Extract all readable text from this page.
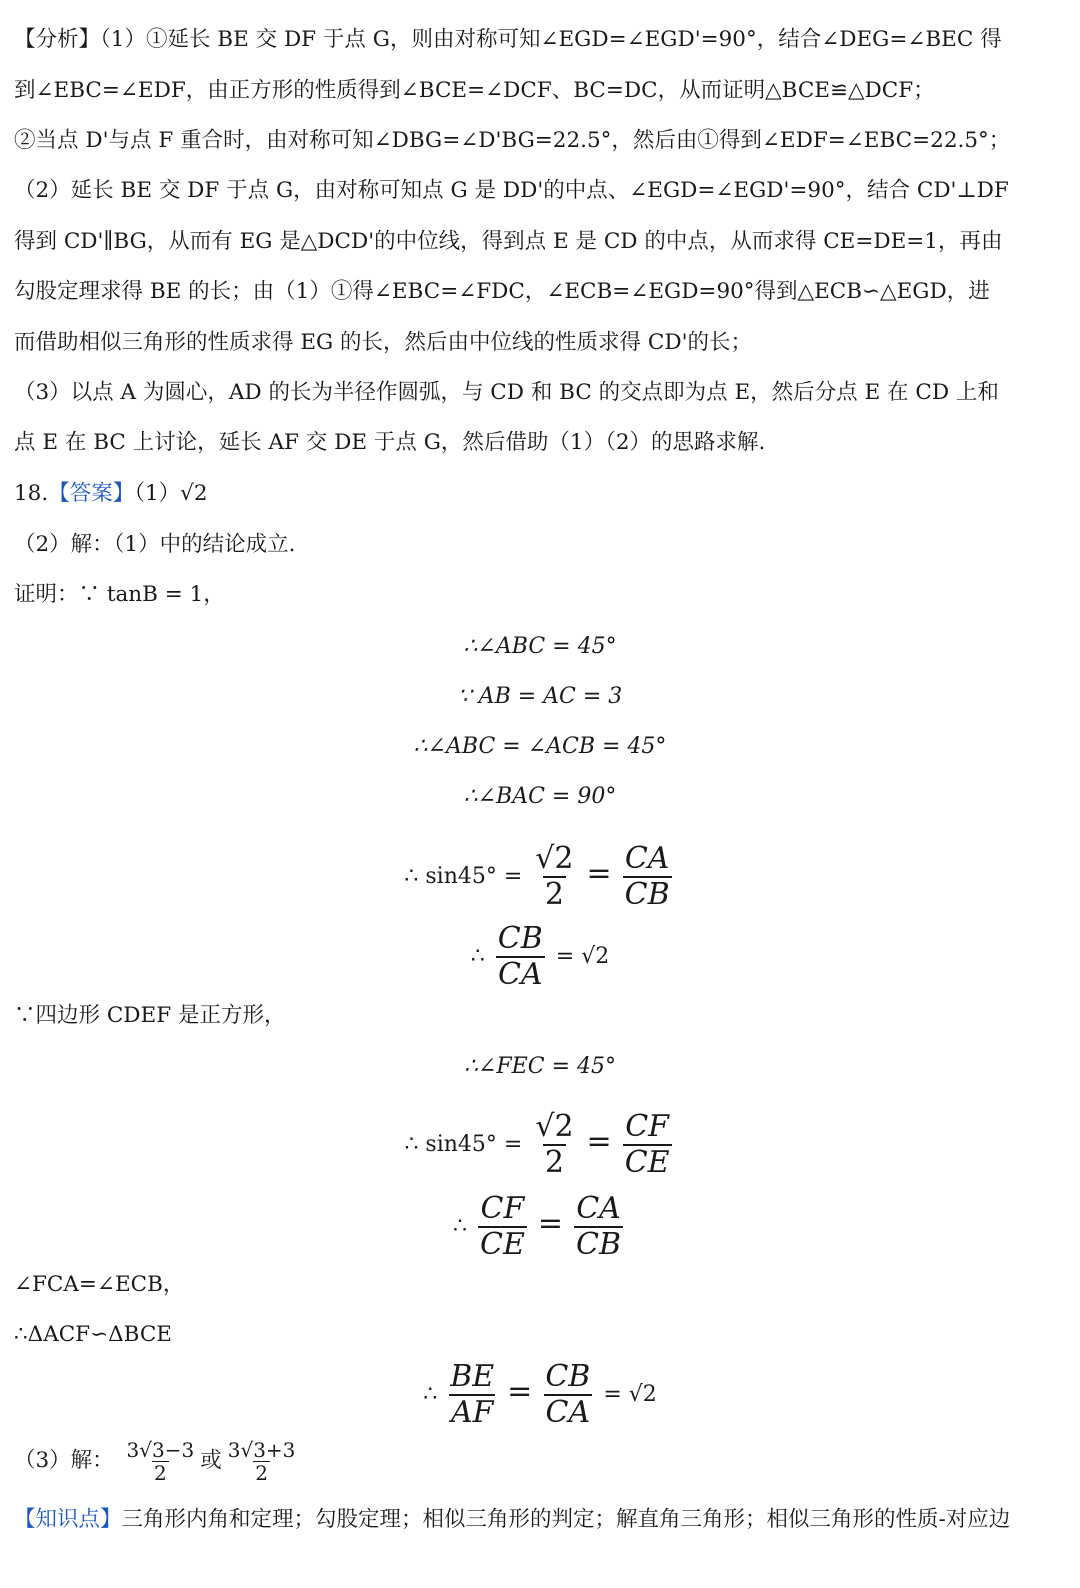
【分析】（1）①延长 BE 交 DF 于点 G，则由对称可知∠EGD=∠EGD'=90°，结合∠DEG=∠BEC 得
到∠EBC=∠EDF，由正方形的性质得到∠BCE=∠DCF、BC=DC，从而证明△BCE≌△DCF；
②当点 D'与点 F 重合时，由对称可知∠DBG=∠D'BG=22.5°，然后由①得到∠EDF=∠EBC=22.5°；
（2）延长 BE 交 DF 于点 G，由对称可知点 G 是 DD'的中点、∠EGD=∠EGD'=90°，结合 CD'⊥DF
得到 CD'∥BG，从而有 EG 是△DCD'的中位线，得到点 E 是 CD 的中点，从而求得 CE=DE=1，再由
勾股定理求得 BE 的长；由（1）①得∠EBC=∠FDC，∠ECB=∠EGD=90°得到△ECB∽△EGD，进
而借助相似三角形的性质求得 EG 的长，然后由中位线的性质求得 CD'的长；
（3）以点 A 为圆心，AD 的长为半径作圆弧，与 CD 和 BC 的交点即为点 E，然后分点 E 在 CD 上和
点 E 在 BC 上讨论，延长 AF 交 DE 于点 G，然后借助（1）（2）的思路求解.
18.【答案】（1）√2
（2）解：（1）中的结论成立.
证明：∵ tanB = 1，
∴∠ABC = 45°
∵ AB = AC = 3
∴∠ABC = ∠ACB = 45°
∴∠BAC = 90°
∴ $\sin 45^\circ = \frac{√2}{2} = \frac{CA}{CB}$
∴ $\frac{CB}{CA} = √2$
∵四边形 CDEF 是正方形，
∴∠FEC = 45°
∴ $\sin 45^\circ = \frac{√2}{2} = \frac{CF}{CE}$
∴ $\frac{CF}{CE} = \frac{CA}{CB}$
∠FCA=∠ECB，
∴ΔACF∽ΔBCE
∴ $\frac{BE}{AF} = \frac{CB}{CA} = √2$
（3）解： $\frac{3√3-3}{2}$ 或 $\frac{3√3+3}{2}$
【知识点】三角形内角和定理；勾股定理；相似三角形的判定；解直角三角形；相似三角形的性质-对应边
